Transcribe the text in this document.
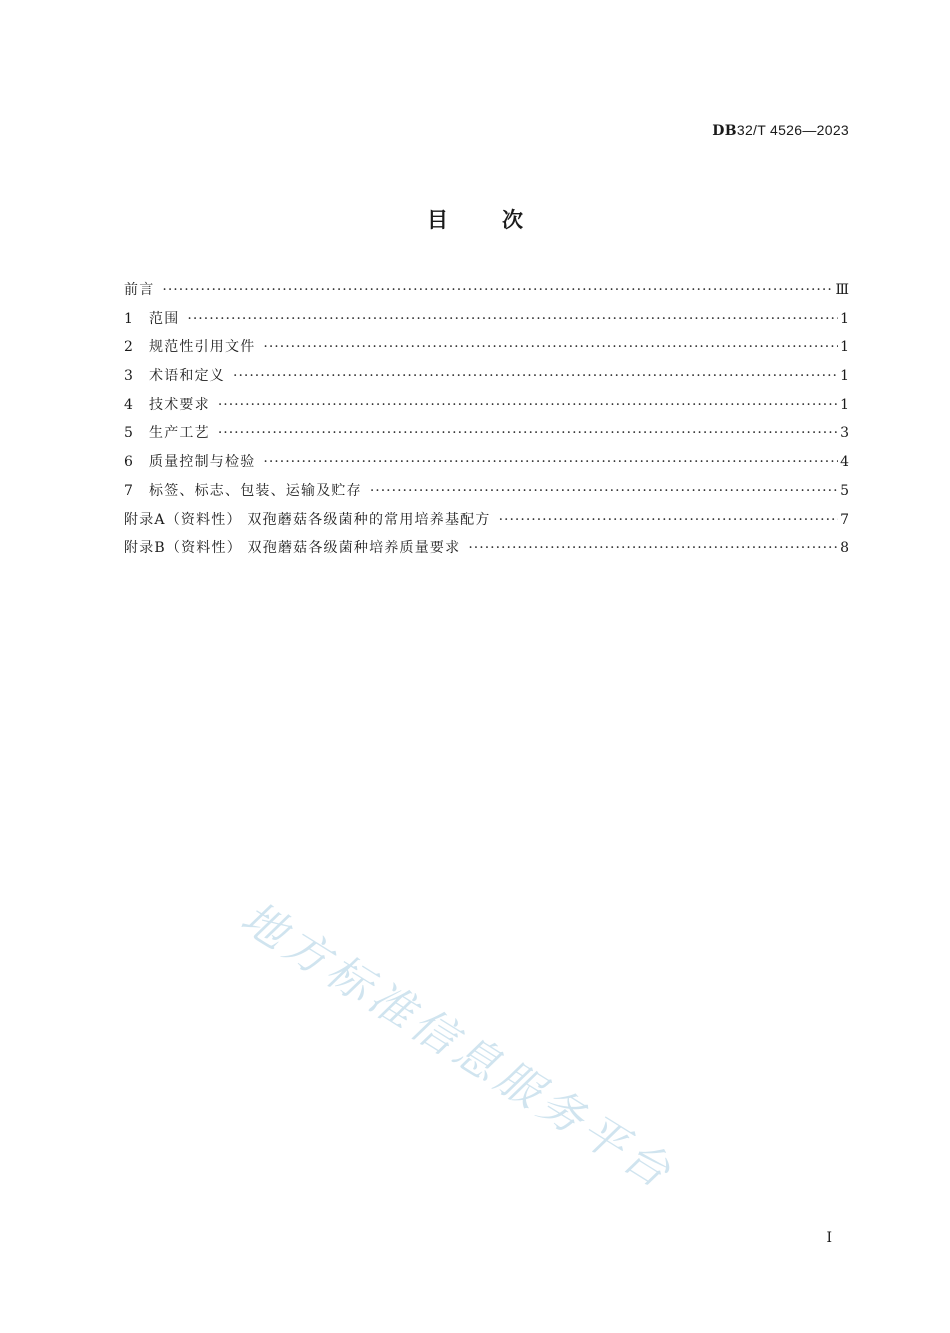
DB32/T 4526—2023
目次
前言 ·····	Ⅲ
1	范围 ·····	1
2	规范性引用文件 ·····	1
3	术语和定义 ·····	1
4	技术要求 ·····	1
5	生产工艺 ·····	3
6	质量控制与检验 ·····	4
7	标签、标志、包装、运输及贮存 ·····	5
附录A（资料性） 双孢蘑菇各级菌种的常用培养基配方 ·····	7
附录B（资料性） 双孢蘑菇各级菌种培养质量要求 ·····	8
地方标准信息服务平台
I
